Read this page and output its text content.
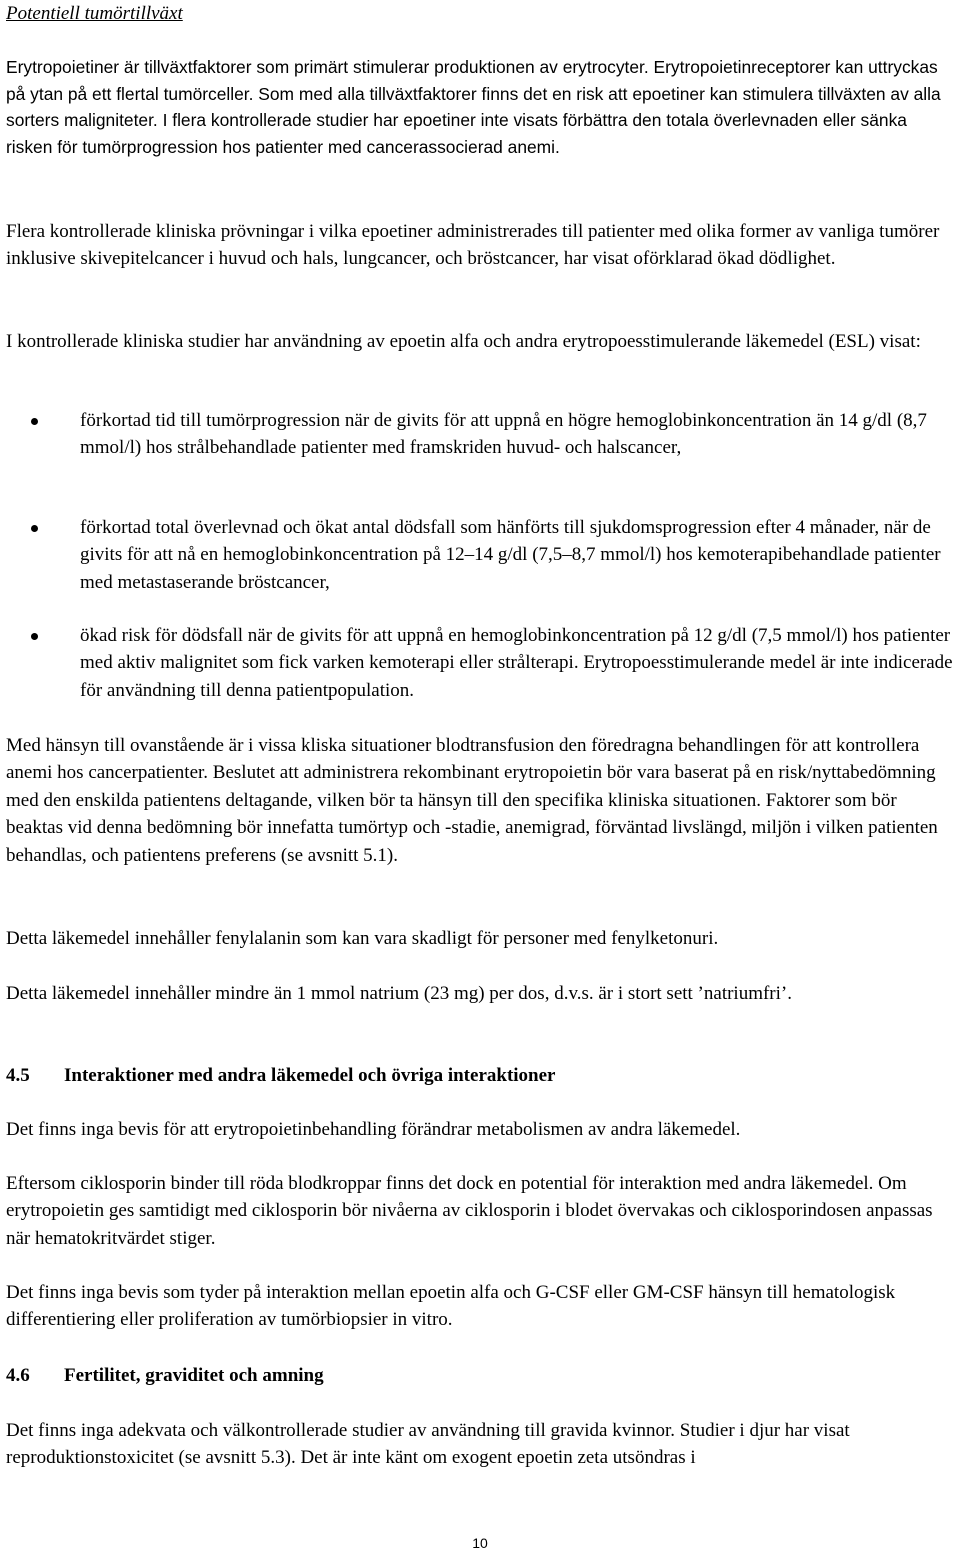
Potentiell tumörtillväxt

Erytropoietiner är tillväxtfaktorer som primärt stimulerar produktionen av erytrocyter. Erytropoietinreceptorer kan uttryckas på ytan på ett flertal tumörceller. Som med alla tillväxtfaktorer finns det en risk att epoetiner kan stimulera tillväxten av alla sorters maligniteter. I flera kontrollerade studier har epoetiner inte visats förbättra den totala överlevnaden eller sänka risken för tumörprogression hos patienter med cancerassocierad anemi.

Flera kontrollerade kliniska prövningar i vilka epoetiner administrerades till patienter med olika former av vanliga tumörer inklusive skivepitelcancer i huvud och hals, lungcancer, och bröstcancer, har visat oförklarad ökad dödlighet.

I kontrollerade kliniska studier har användning av epoetin alfa och andra erytropoesstimulerande läkemedel (ESL) visat:

förkortad tid till tumörprogression när de givits för att uppnå en högre hemoglobinkoncentration än 14 g/dl (8,7 mmol/l) hos strålbehandlade patienter med framskriden huvud- och halscancer,
förkortad total överlevnad och ökat antal dödsfall som hänförts till sjukdomsprogression efter 4 månader, när de givits för att nå en hemoglobinkoncentration på 12–14 g/dl (7,5–8,7 mmol/l) hos kemoterapibehandlade patienter med metastaserande bröstcancer,
ökad risk för dödsfall när de givits för att uppnå en hemoglobinkoncentration på 12 g/dl (7,5 mmol/l) hos patienter med aktiv malignitet som fick varken kemoterapi eller strålterapi. Erytropoesstimulerande medel är inte indicerade för användning till denna patientpopulation.

Med hänsyn till ovanstående är i vissa kliska situationer blodtransfusion den föredragna behandlingen för att kontrollera anemi hos cancerpatienter. Beslutet att administrera rekombinant erytropoietin bör vara baserat på en risk/nyttabedömning med den enskilda patientens deltagande, vilken bör ta hänsyn till den specifika kliniska situationen. Faktorer som bör beaktas vid denna bedömning bör innefatta tumörtyp och -stadie, anemigrad, förväntad livslängd, miljön i vilken patienten behandlas, och patientens preferens (se avsnitt 5.1).

Detta läkemedel innehåller fenylalanin som kan vara skadligt för personer med fenylketonuri.

Detta läkemedel innehåller mindre än 1 mmol natrium (23 mg) per dos, d.v.s. är i stort sett ’natriumfri’.

4.5 Interaktioner med andra läkemedel och övriga interaktioner

Det finns inga bevis för att erytropoietinbehandling förändrar metabolismen av andra läkemedel.

Eftersom ciklosporin binder till röda blodkroppar finns det dock en potential för interaktion med andra läkemedel. Om erytropoietin ges samtidigt med ciklosporin bör nivåerna av ciklosporin i blodet övervakas och ciklosporindosen anpassas när hematokritvärdet stiger.

Det finns inga bevis som tyder på interaktion mellan epoetin alfa och G-CSF eller GM-CSF hänsyn till hematologisk differentiering eller proliferation av tumörbiopsier in vitro.

4.6 Fertilitet, graviditet och amning

Det finns inga adekvata och välkontrollerade studier av användning till gravida kvinnor. Studier i djur har visat reproduktionstoxicitet (se avsnitt 5.3). Det är inte känt om exogent epoetin zeta utsöndras i

10
